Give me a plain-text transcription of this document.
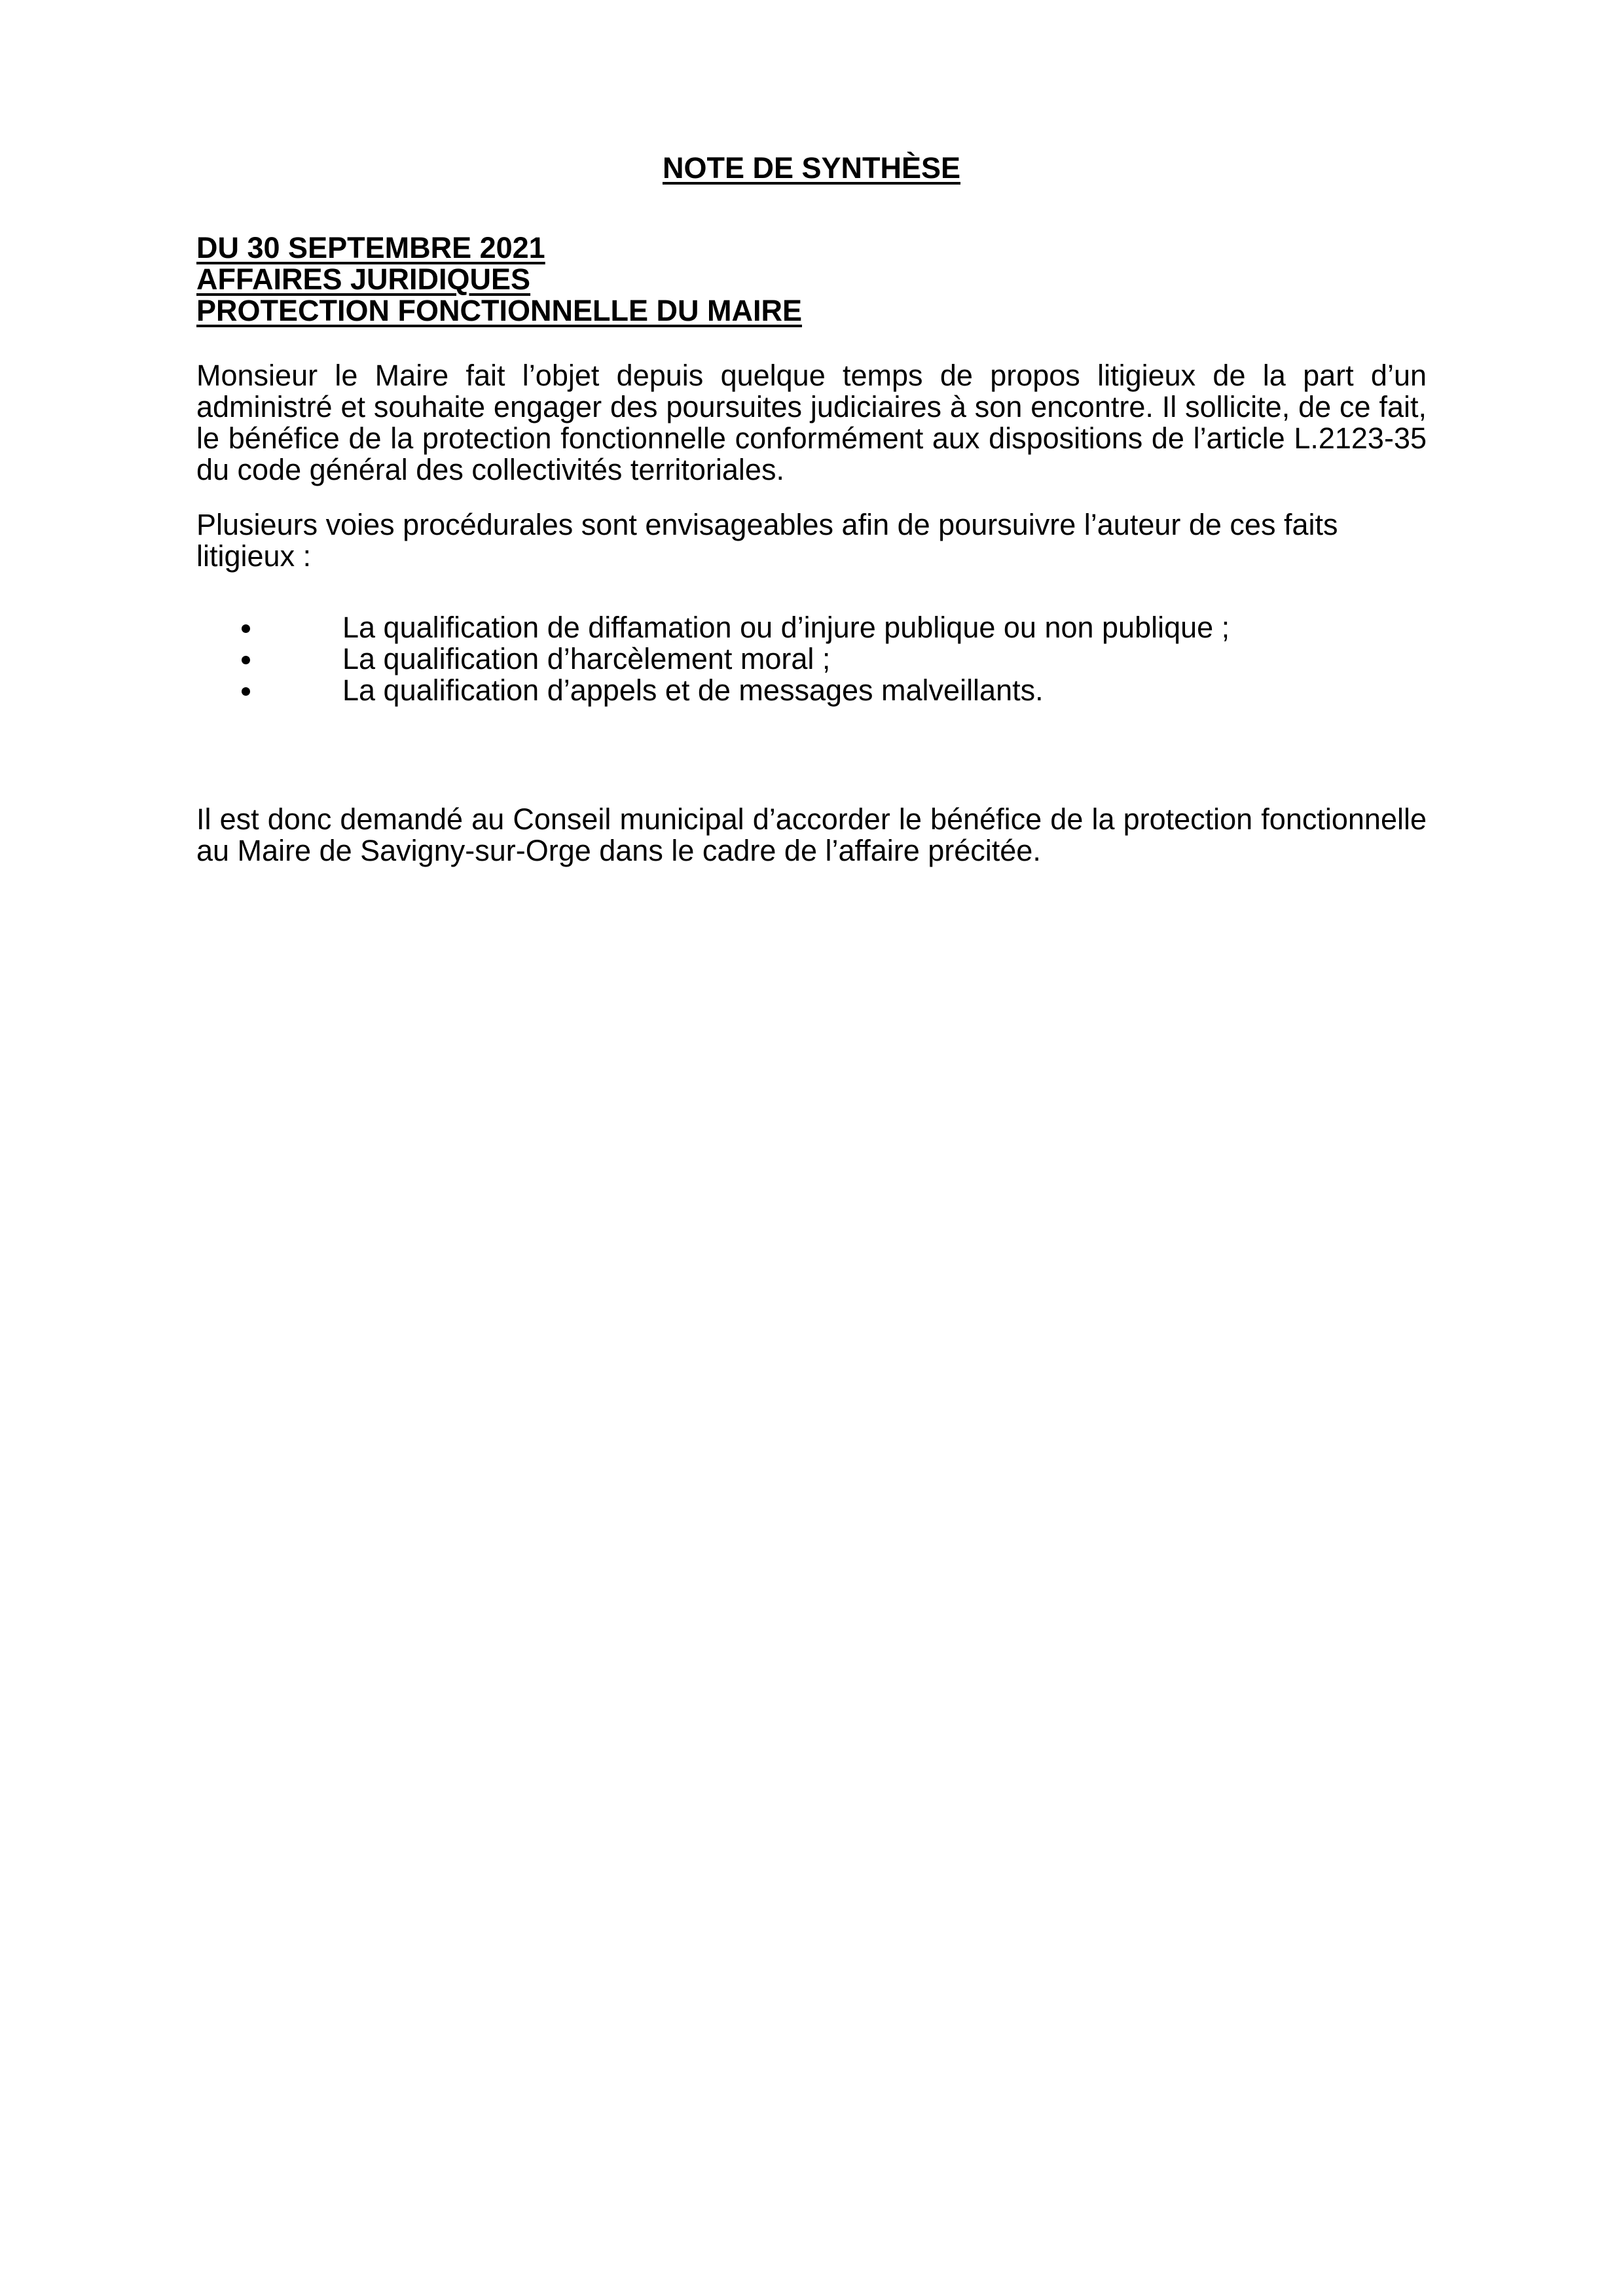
NOTE DE SYNTHÈSE
DU 30 SEPTEMBRE 2021
AFFAIRES JURIDIQUES
PROTECTION FONCTIONNELLE DU MAIRE

Monsieur le Maire fait l’objet depuis quelque temps de propos litigieux de la part d’un administré et souhaite engager des poursuites judiciaires à son encontre. Il sollicite, de ce fait, le bénéfice de la protection fonctionnelle conformément aux dispositions de l’article L.2123-35 du code général des collectivités territoriales.

Plusieurs voies procédurales sont envisageables afin de poursuivre l’auteur de ces faits litigieux :

La qualification de diffamation ou d’injure publique ou non publique ;
La qualification d’harcèlement moral ;
La qualification d’appels et de messages malveillants.

Il est donc demandé au Conseil municipal d’accorder le bénéfice de la protection fonctionnelle au Maire de Savigny-sur-Orge dans le cadre de l’affaire précitée.
